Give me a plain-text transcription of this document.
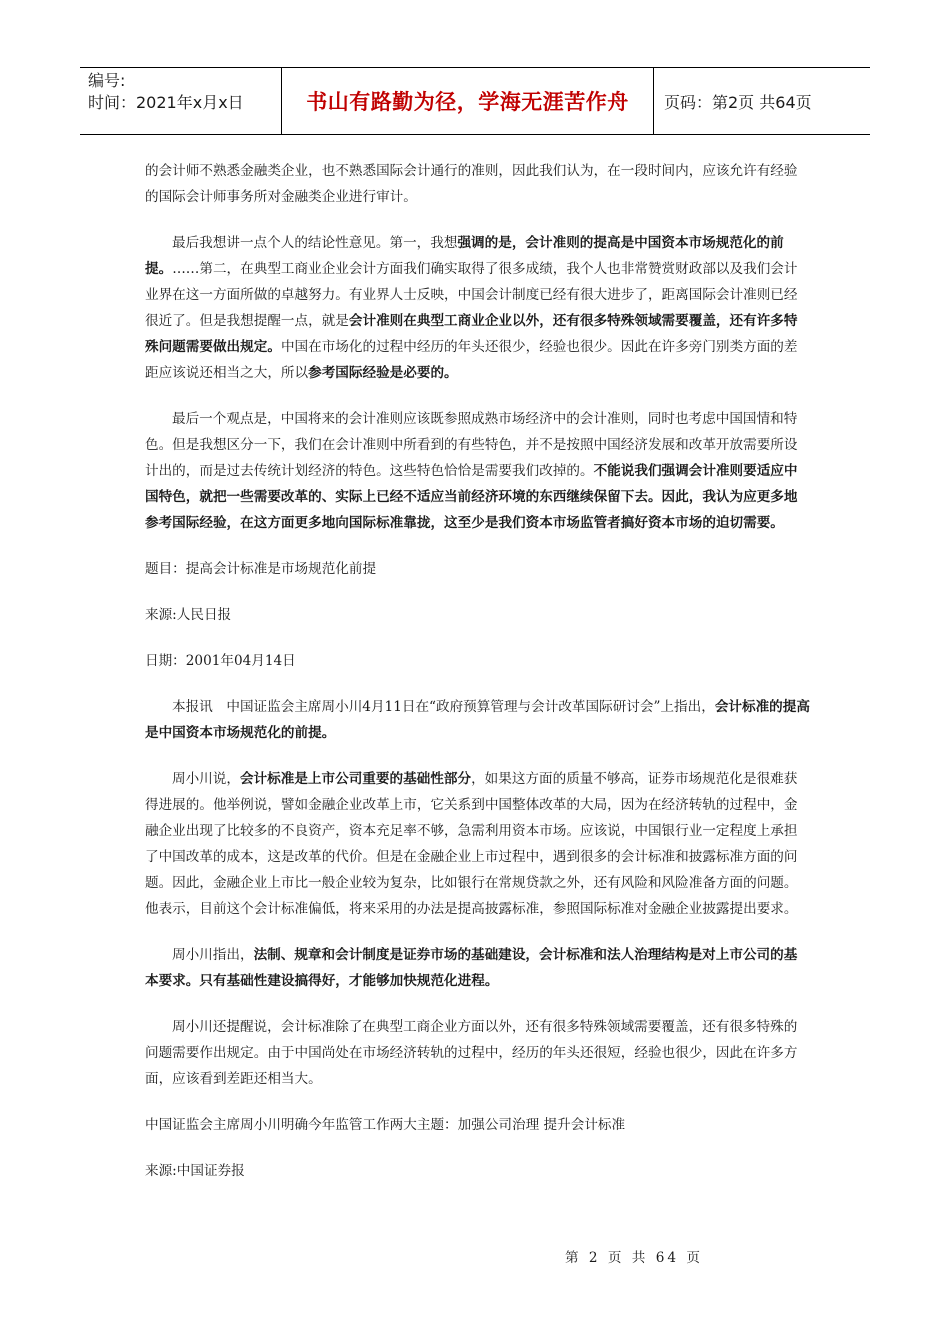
编号:
时间：2021年x月x日	书山有路勤为径，学海无涯苦作舟	页码：第2页 共64页

的会计师不熟悉金融类企业，也不熟悉国际会计通行的准则，因此我们认为，在一段时间内，应该允许有经验的国际会计师事务所对金融类企业进行审计。

最后我想讲一点个人的结论性意见。第一，我想强调的是，会计准则的提高是中国资本市场规范化的前提。……第二，在典型工商业企业会计方面我们确实取得了很多成绩，我个人也非常赞赏财政部以及我们会计业界在这一方面所做的卓越努力。有业界人士反映，中国会计制度已经有很大进步了，距离国际会计准则已经很近了。但是我想提醒一点，就是会计准则在典型工商业企业以外，还有很多特殊领域需要覆盖，还有许多特殊问题需要做出规定。中国在市场化的过程中经历的年头还很少，经验也很少。因此在许多旁门别类方面的差距应该说还相当之大，所以参考国际经验是必要的。

最后一个观点是，中国将来的会计准则应该既参照成熟市场经济中的会计准则，同时也考虑中国国情和特色。但是我想区分一下，我们在会计准则中所看到的有些特色，并不是按照中国经济发展和改革开放需要所设计出的，而是过去传统计划经济的特色。这些特色恰恰是需要我们改掉的。不能说我们强调会计准则要适应中国特色，就把一些需要改革的、实际上已经不适应当前经济环境的东西继续保留下去。因此，我认为应更多地参考国际经验，在这方面更多地向国际标准靠拢，这至少是我们资本市场监管者搞好资本市场的迫切需要。

题目：提高会计标准是市场规范化前提

来源:人民日报

日期：2001年04月14日

本报讯　中国证监会主席周小川4月11日在“政府预算管理与会计改革国际研讨会”上指出，会计标准的提高是中国资本市场规范化的前提。

周小川说，会计标准是上市公司重要的基础性部分，如果这方面的质量不够高，证券市场规范化是很难获得进展的。他举例说，譬如金融企业改革上市，它关系到中国整体改革的大局，因为在经济转轨的过程中，金融企业出现了比较多的不良资产，资本充足率不够，急需利用资本市场。应该说，中国银行业一定程度上承担了中国改革的成本，这是改革的代价。但是在金融企业上市过程中，遇到很多的会计标准和披露标准方面的问题。因此，金融企业上市比一般企业较为复杂，比如银行在常规贷款之外，还有风险和风险准备方面的问题。他表示，目前这个会计标准偏低，将来采用的办法是提高披露标准，参照国际标准对金融企业披露提出要求。

周小川指出，法制、规章和会计制度是证券市场的基础建设，会计标准和法人治理结构是对上市公司的基本要求。只有基础性建设搞得好，才能够加快规范化进程。

周小川还提醒说，会计标准除了在典型工商企业方面以外，还有很多特殊领域需要覆盖，还有很多特殊的问题需要作出规定。由于中国尚处在市场经济转轨的过程中，经历的年头还很短，经验也很少，因此在许多方面，应该看到差距还相当大。

中国证监会主席周小川明确今年监管工作两大主题：加强公司治理 提升会计标准

来源:中国证券报

第 2 页 共 64 页
